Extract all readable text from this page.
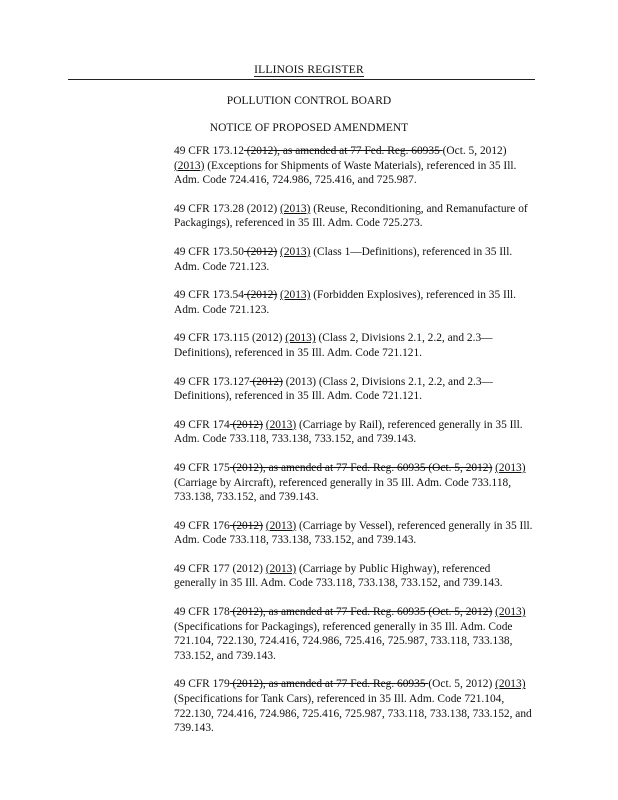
ILLINOIS REGISTER
POLLUTION CONTROL BOARD
NOTICE OF PROPOSED AMENDMENT

49 CFR 173.12 (2012), as amended at 77 Fed. Reg. 60935 (Oct. 5, 2012) (2013) (Exceptions for Shipments of Waste Materials), referenced in 35 Ill. Adm. Code 724.416, 724.986, 725.416, and 725.987.

49 CFR 173.28 (2012) (2013) (Reuse, Reconditioning, and Remanufacture of Packagings), referenced in 35 Ill. Adm. Code 725.273.

49 CFR 173.50 (2012) (2013) (Class 1—Definitions), referenced in 35 Ill. Adm. Code 721.123.

49 CFR 173.54 (2012) (2013) (Forbidden Explosives), referenced in 35 Ill. Adm. Code 721.123.

49 CFR 173.115 (2012) (2013) (Class 2, Divisions 2.1, 2.2, and 2.3—Definitions), referenced in 35 Ill. Adm. Code 721.121.

49 CFR 173.127 (2012) (2013) (Class 2, Divisions 2.1, 2.2, and 2.3—Definitions), referenced in 35 Ill. Adm. Code 721.121.

49 CFR 174 (2012) (2013) (Carriage by Rail), referenced generally in 35 Ill. Adm. Code 733.118, 733.138, 733.152, and 739.143.

49 CFR 175 (2012), as amended at 77 Fed. Reg. 60935 (Oct. 5, 2012) (2013) (Carriage by Aircraft), referenced generally in 35 Ill. Adm. Code 733.118, 733.138, 733.152, and 739.143.

49 CFR 176 (2012) (2013) (Carriage by Vessel), referenced generally in 35 Ill. Adm. Code 733.118, 733.138, 733.152, and 739.143.

49 CFR 177 (2012) (2013) (Carriage by Public Highway), referenced generally in 35 Ill. Adm. Code 733.118, 733.138, 733.152, and 739.143.

49 CFR 178 (2012), as amended at 77 Fed. Reg. 60935 (Oct. 5, 2012) (2013) (Specifications for Packagings), referenced generally in 35 Ill. Adm. Code 721.104, 722.130, 724.416, 724.986, 725.416, 725.987, 733.118, 733.138, 733.152, and 739.143.

49 CFR 179 (2012), as amended at 77 Fed. Reg. 60935 (Oct. 5, 2012) (2013) (Specifications for Tank Cars), referenced in 35 Ill. Adm. Code 721.104, 722.130, 724.416, 724.986, 725.416, 725.987, 733.118, 733.138, 733.152, and 739.143.
